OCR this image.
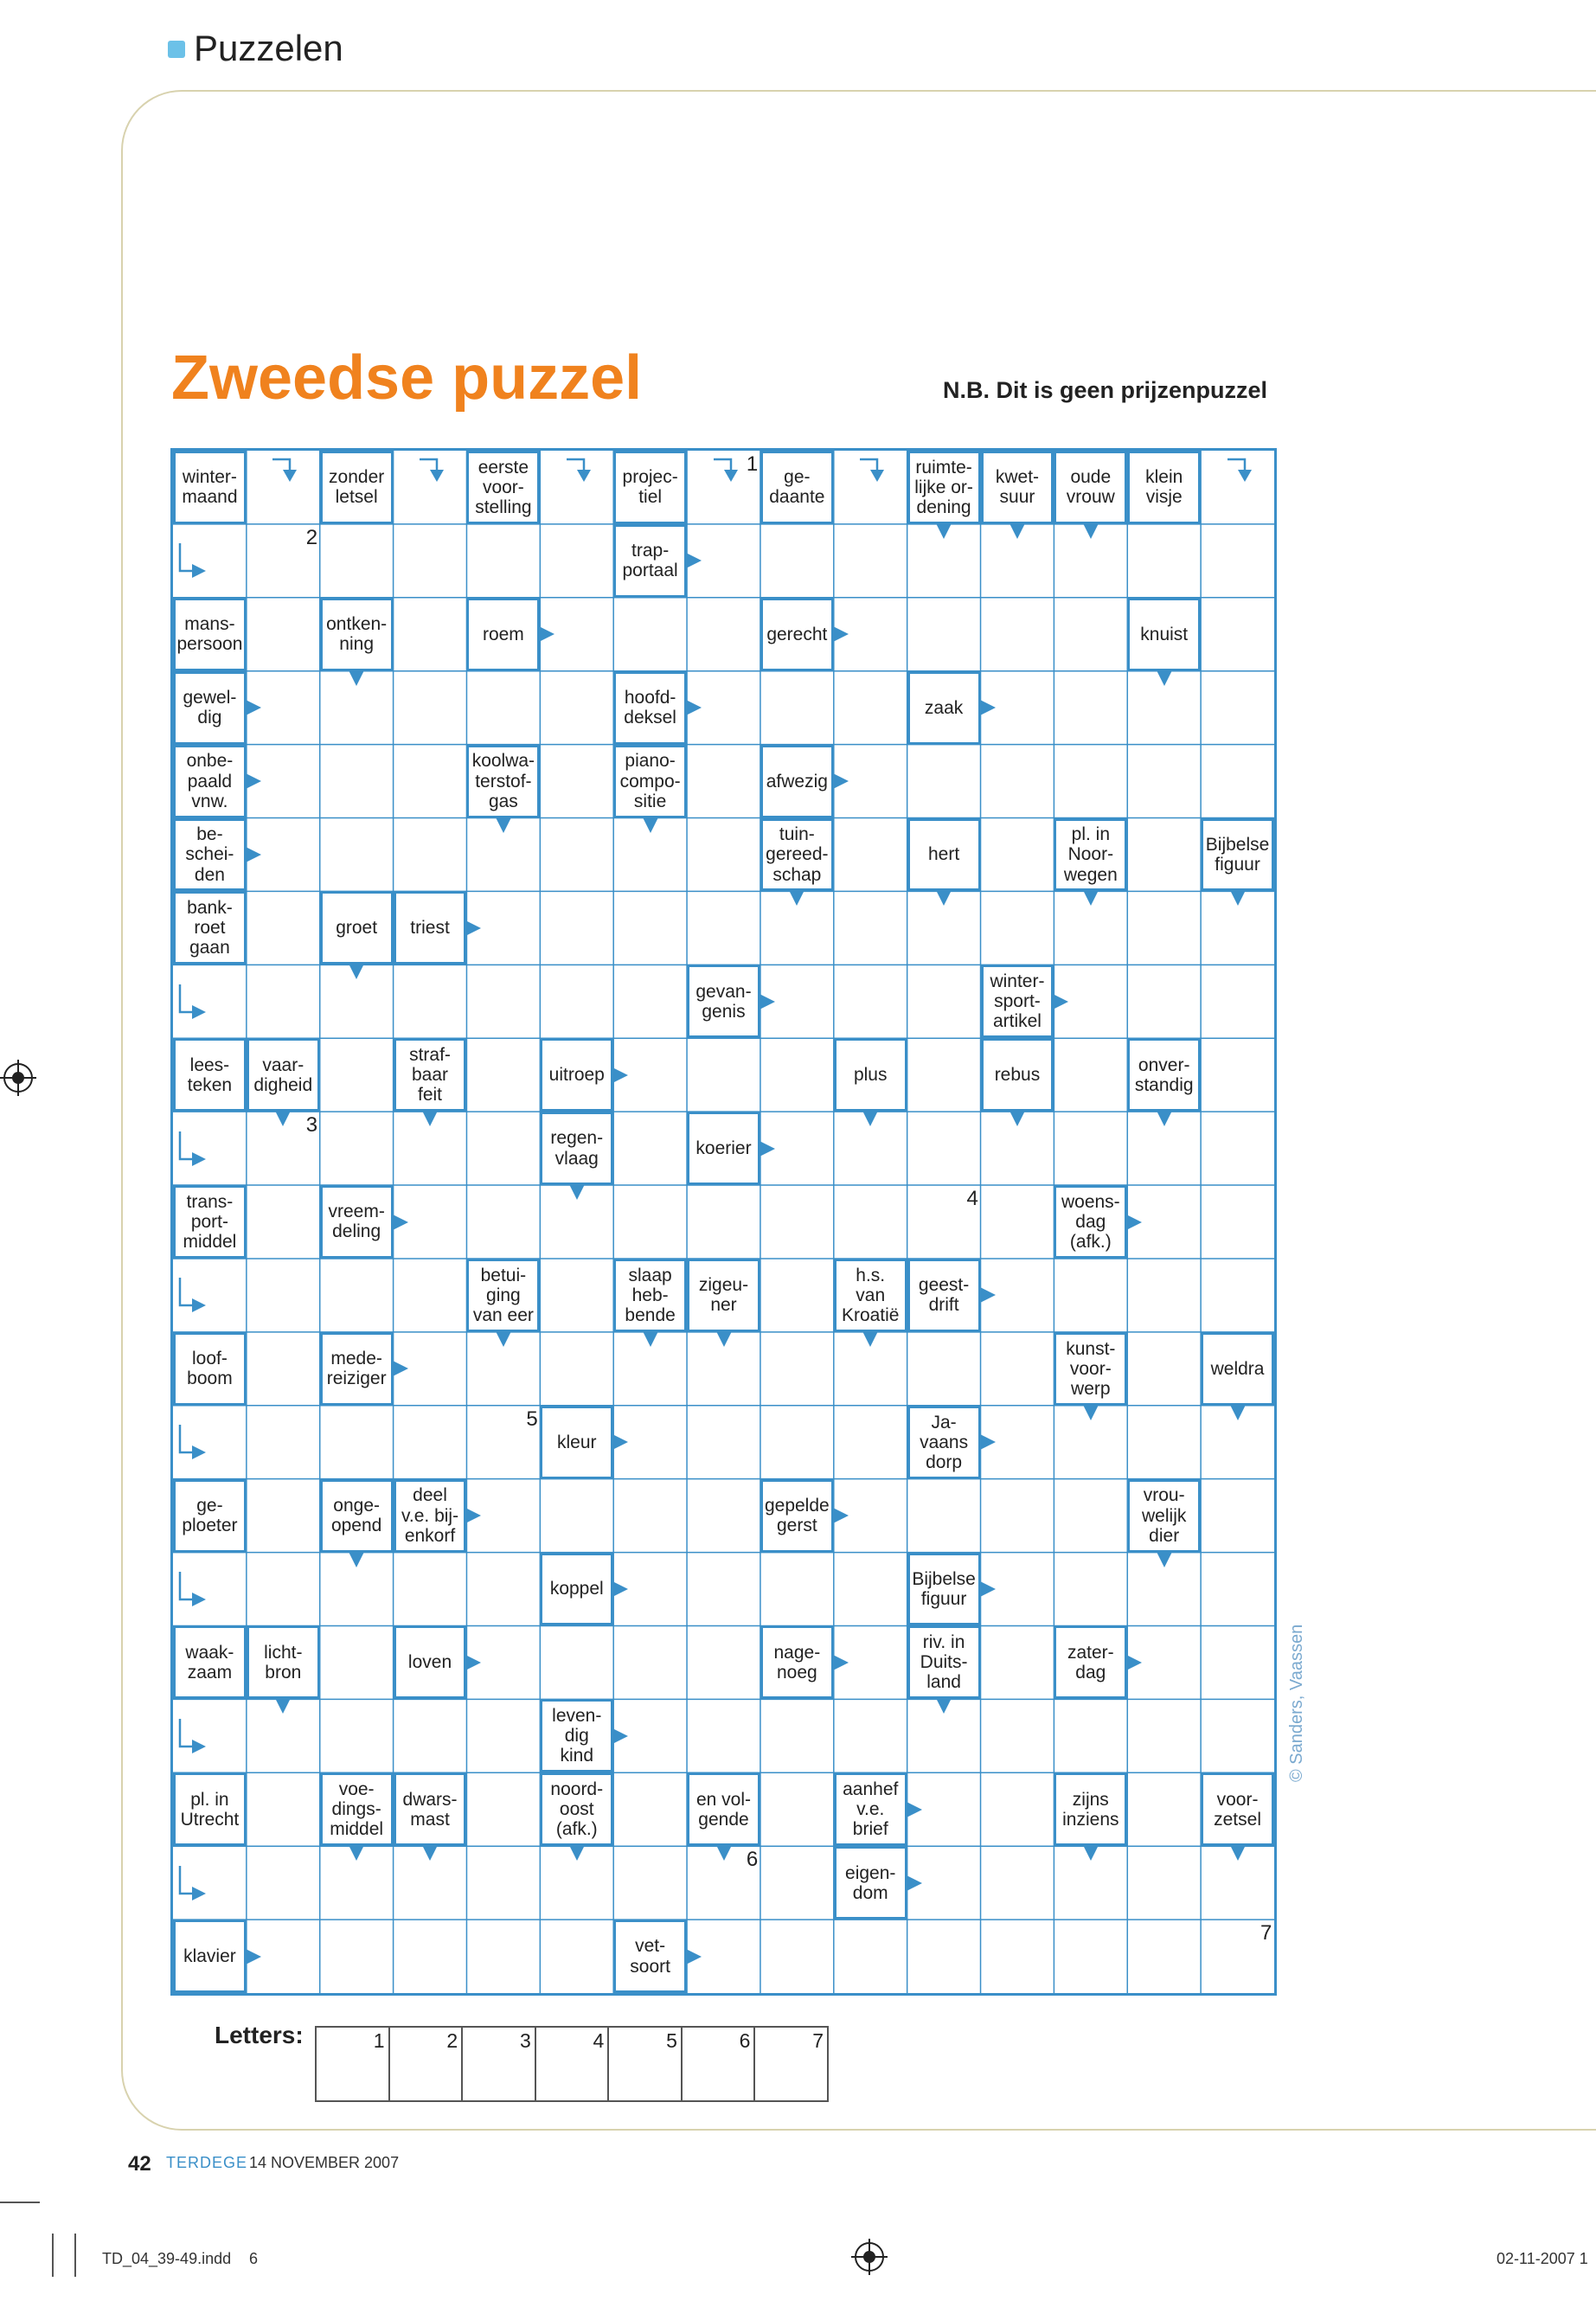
Puzzelen
Zweedse puzzel	N.B. Dit is geen prijzenpuzzel
winter-
maand
zonder
letsel
eerste
voor-
stelling
projec-
tiel
ge-
daante
ruimte-
lijke or-
dening
kwet-
suur
oude
vrouw
klein
visje
trap-
portaal
mans-
persoon
ontken-
ning
roem	gerecht	knuist
gewel-
dig
hoofd-
deksel
zaak
onbe-
paald
vnw.
koolwa-
terstof-
gas
piano-
compo-
sitie
afwezig
be-
schei-
den
tuin-
gereed-
schap
hert
pl. in
Noor-
wegen
Bijbelse
figuur
bank-
roet
gaan
groet triest
gevan-
genis
winter-
sport-
artikel
lees-
teken
vaar-
digheid
straf-
baar
feit
uitroep	plus	rebus
onver-
standig
regen-
vlaag
koerier
trans-
port-
middel
vreem-
deling
woens-
dag
(afk.)
betui-
ging
van eer
slaap
heb-
bende
zigeu-
ner
h.s.
van
Kroatië
geest-
drift
loof-
boom
mede-
reiziger
kunst-
voor-
werp
weldra
kleur
Ja-
vaans
dorp
ge-
ploeter
onge-
opend
deel
v.e. bij-
enkorf
gepelde
gerst
vrou-
welijk
dier
koppel
Bijbelse
figuur
waak-
zaam
licht-
bron
loven
nage-
noeg
riv. in
Duits-
land
zater-
dag
leven-
dig
kind
pl. in
Utrecht
voe-
dings-
middel
dwars-
mast
noord-
oost
(afk.)
en vol-
gende
aanhef
v.e.
brief
zijns
inziens
voor-
zetsel
eigen-
dom
klavier
vet-
soort
1
2
3
4
5
6
7
© Sanders, Vaassen
Letters:	1	2	3	4	5	6	7
42 TERDEGE 14 NOVEMBER 2007
TD_04_39-49.indd 6	02-11-2007 1
